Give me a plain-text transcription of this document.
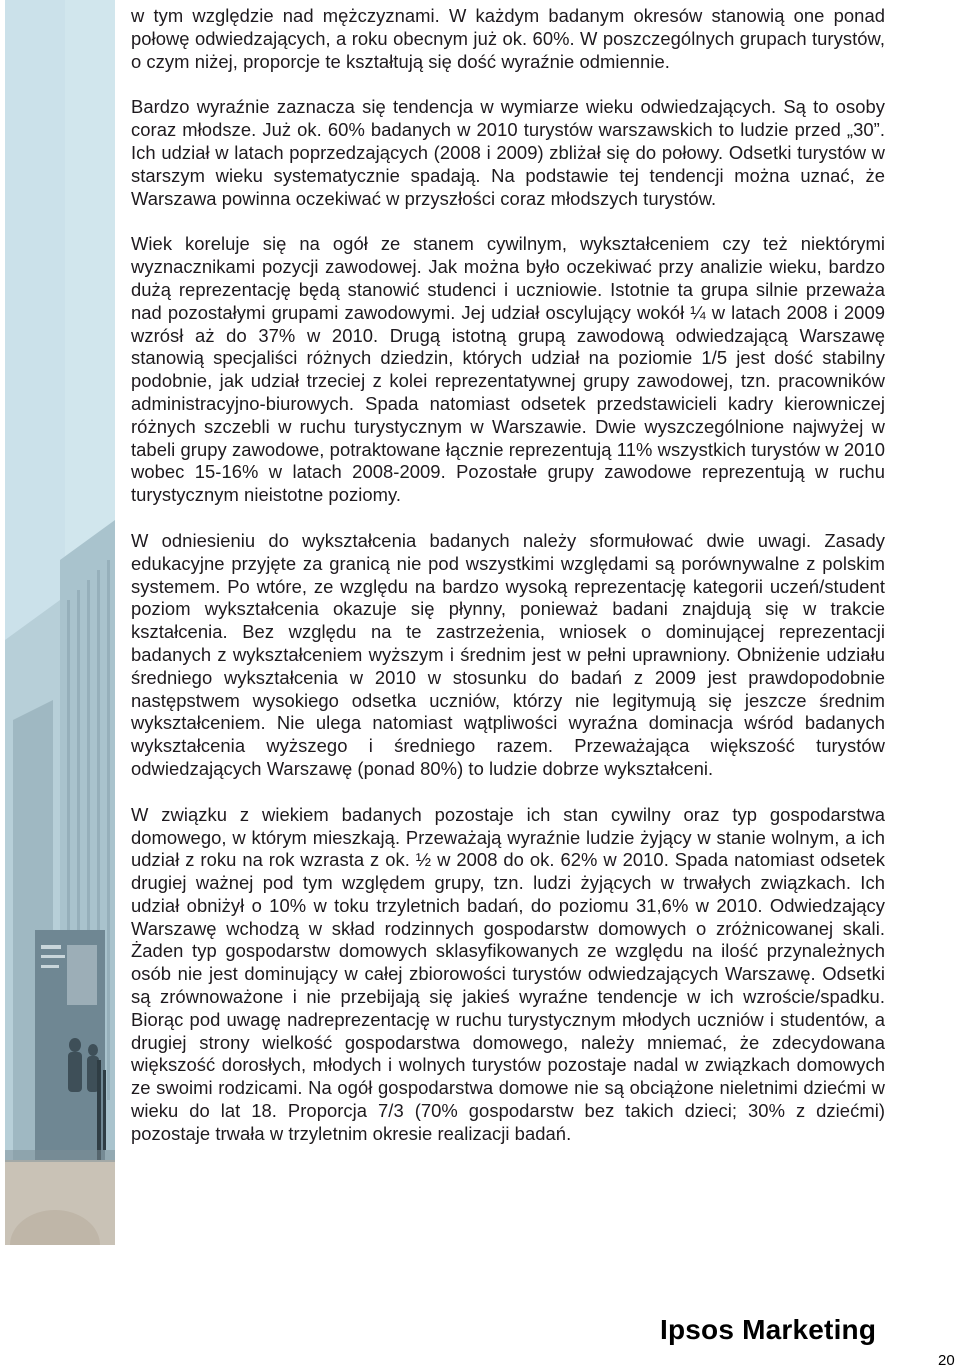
w tym względzie nad mężczyznami. W każdym badanym okresów stanowią one ponad połowę odwiedzających, a roku obecnym już ok. 60%. W poszczególnych grupach turystów, o czym niżej, proporcje te kształtują się dość wyraźnie odmiennie.

Bardzo wyraźnie zaznacza się tendencja w wymiarze wieku odwiedzających. Są to osoby coraz młodsze. Już ok. 60% badanych w 2010 turystów warszawskich to ludzie przed „30”. Ich udział w latach poprzedzających (2008 i 2009) zbliżał się do połowy. Odsetki turystów w starszym wieku systematycznie spadają. Na podstawie tej tendencji można uznać, że Warszawa powinna oczekiwać w przyszłości coraz młodszych turystów.

Wiek koreluje się na ogół ze stanem cywilnym, wykształceniem czy też niektórymi wyznacznikami pozycji zawodowej. Jak można było oczekiwać przy analizie wieku, bardzo dużą reprezentację będą stanowić studenci i uczniowie. Istotnie ta grupa silnie przeważa nad pozostałymi grupami zawodowymi. Jej udział oscylujący wokół ¼ w latach 2008 i 2009 wzrósł aż do 37% w 2010. Drugą istotną grupą zawodową odwiedzającą Warszawę stanowią specjaliści różnych dziedzin, których udział na poziomie 1/5 jest dość stabilny podobnie, jak udział trzeciej z kolei reprezentatywnej grupy zawodowej, tzn. pracowników administracyjno-biurowych. Spada natomiast odsetek przedstawicieli kadry kierowniczej różnych szczebli w ruchu turystycznym w Warszawie. Dwie wyszczególnione najwyżej w tabeli grupy zawodowe, potraktowane łącznie reprezentują 11% wszystkich turystów w 2010 wobec 15-16% w latach 2008-2009. Pozostałe grupy zawodowe reprezentują w ruchu turystycznym nieistotne poziomy.

W odniesieniu do wykształcenia badanych należy sformułować dwie uwagi. Zasady edukacyjne przyjęte za granicą nie pod wszystkimi względami są porównywalne z polskim systemem. Po wtóre, ze względu na bardzo wysoką reprezentację kategorii uczeń/student poziom wykształcenia okazuje się płynny, ponieważ badani znajdują się w trakcie kształcenia. Bez względu na te zastrzeżenia, wniosek o dominującej reprezentacji badanych z wykształceniem wyższym i średnim jest w pełni uprawniony. Obniżenie udziału średniego wykształcenia w 2010 w stosunku do badań z 2009 jest prawdopodobnie następstwem wysokiego odsetka uczniów, którzy nie legitymują się jeszcze średnim wykształceniem. Nie ulega natomiast wątpliwości wyraźna dominacja wśród badanych wykształcenia wyższego i średniego razem. Przeważająca większość turystów odwiedzających Warszawę (ponad 80%) to ludzie dobrze wykształceni.

W związku z wiekiem badanych pozostaje ich stan cywilny oraz typ gospodarstwa domowego, w którym mieszkają. Przeważają wyraźnie ludzie żyjący w stanie wolnym, a ich udział z roku na rok wzrasta z ok. ½ w 2008 do ok. 62% w 2010. Spada natomiast odsetek drugiej ważnej pod tym względem grupy, tzn. ludzi żyjących w trwałych związkach. Ich udział obniżył o 10% w toku trzyletnich badań, do poziomu 31,6% w 2010. Odwiedzający Warszawę wchodzą w skład rodzinnych gospodarstw domowych o zróżnicowanej skali. Żaden typ gospodarstw domowych sklasyfikowanych ze względu na ilość przynależnych osób nie jest dominujący w całej zbiorowości turystów odwiedzających Warszawę. Odsetki są zrównoważone i nie przebijają się jakieś wyraźne tendencje w ich wzroście/spadku. Biorąc pod uwagę nadreprezentację w ruchu turystycznym młodych uczniów i studentów, a drugiej strony wielkość gospodarstwa domowego, należy mniemać, że zdecydowana większość dorosłych, młodych i wolnych turystów pozostaje nadal w związkach domowych ze swoimi rodzicami. Na ogół gospodarstwa domowe nie są obciążone nieletnimi dziećmi w wieku do lat 18. Proporcja 7/3 (70% gospodarstw bez takich dzieci; 30% z dziećmi) pozostaje trwała w trzyletnim okresie realizacji badań.

Ipsos Marketing
20
